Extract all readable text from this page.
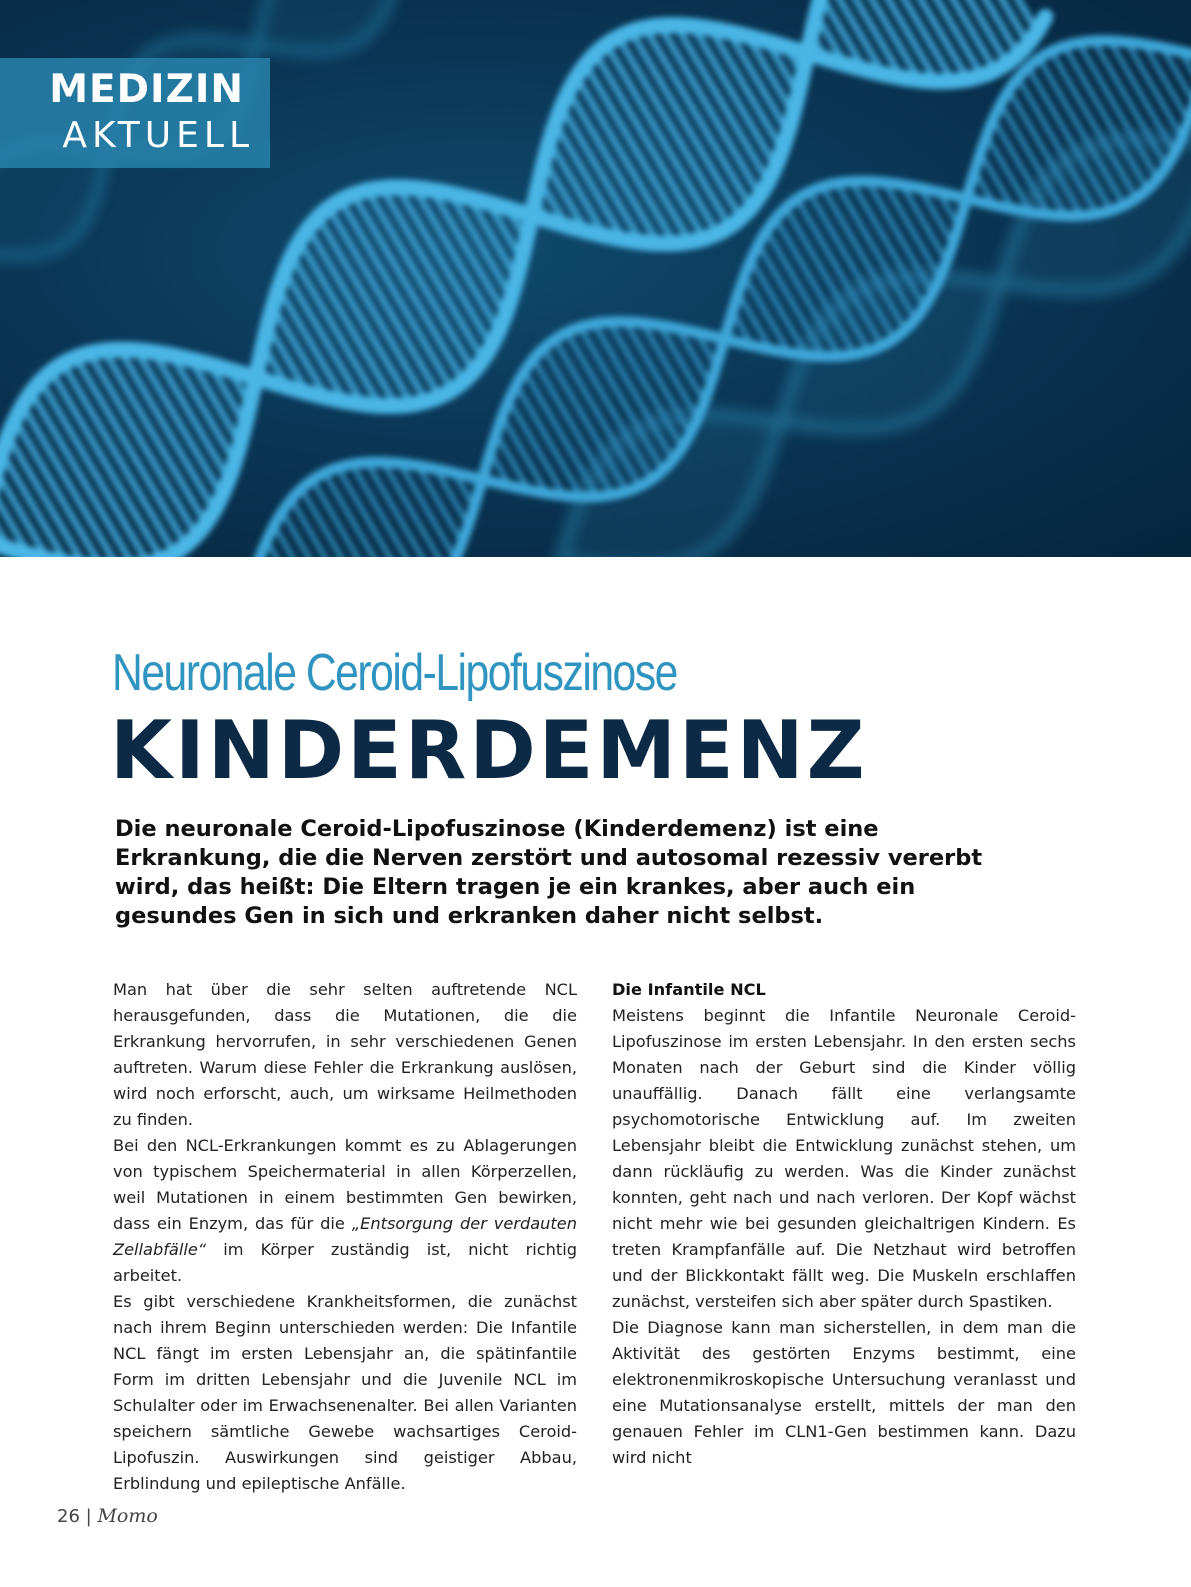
MEDIZIN
AKTUELL
Neuronale Ceroid-Lipofuszinose
KINDERDEMENZ
Die neuronale Ceroid-Lipofuszinose (Kinderdemenz) ist eine Erkrankung, die die Nerven zerstört und autosomal rezessiv vererbt wird, das heißt: Die Eltern tragen je ein krankes, aber auch ein gesundes Gen in sich und erkranken daher nicht selbst.

Man hat über die sehr selten auftretende NCL herausgefunden, dass die Mutationen, die die Erkrankung hervorrufen, in sehr verschiedenen Genen auftreten. Warum diese Fehler die Erkrankung auslösen, wird noch erforscht, auch, um wirksame Heilmethoden zu finden.

Bei den NCL-Erkrankungen kommt es zu Ablagerungen von typischem Speichermaterial in allen Körperzellen, weil Mutationen in einem bestimmten Gen bewirken, dass ein Enzym, das für die „Entsorgung der verdauten Zellabfälle“ im Körper zuständig ist, nicht richtig arbeitet.

Es gibt verschiedene Krankheitsformen, die zunächst nach ihrem Beginn unterschieden werden: Die Infantile NCL fängt im ersten Lebensjahr an, die spätinfantile Form im dritten Lebensjahr und die Juvenile NCL im Schulalter oder im Erwachsenenalter. Bei allen Varianten speichern sämtliche Gewebe wachsartiges Ceroid-Lipofuszin. Auswirkungen sind geistiger Abbau, Erblindung und epileptische Anfälle.

Die Infantile NCL

Meistens beginnt die Infantile Neuronale Ceroid-Lipofuszinose im ersten Lebensjahr. In den ersten sechs Monaten nach der Geburt sind die Kinder völlig unauffällig. Danach fällt eine verlangsamte psychomotorische Entwicklung auf. Im zweiten Lebensjahr bleibt die Entwicklung zunächst stehen, um dann rückläufig zu werden. Was die Kinder zunächst konnten, geht nach und nach verloren. Der Kopf wächst nicht mehr wie bei gesunden gleichaltrigen Kindern. Es treten Krampfanfälle auf. Die Netzhaut wird betroffen und der Blickkontakt fällt weg. Die Muskeln erschlaffen zunächst, versteifen sich aber später durch Spastiken.

Die Diagnose kann man sicherstellen, in dem man die Aktivität des gestörten Enzyms bestimmt, eine elektronenmikroskopische Untersuchung veranlasst und eine Mutationsanalyse erstellt, mittels der man den genauen Fehler im CLN1-Gen bestimmen kann. Dazu wird nicht

26 | Momo
